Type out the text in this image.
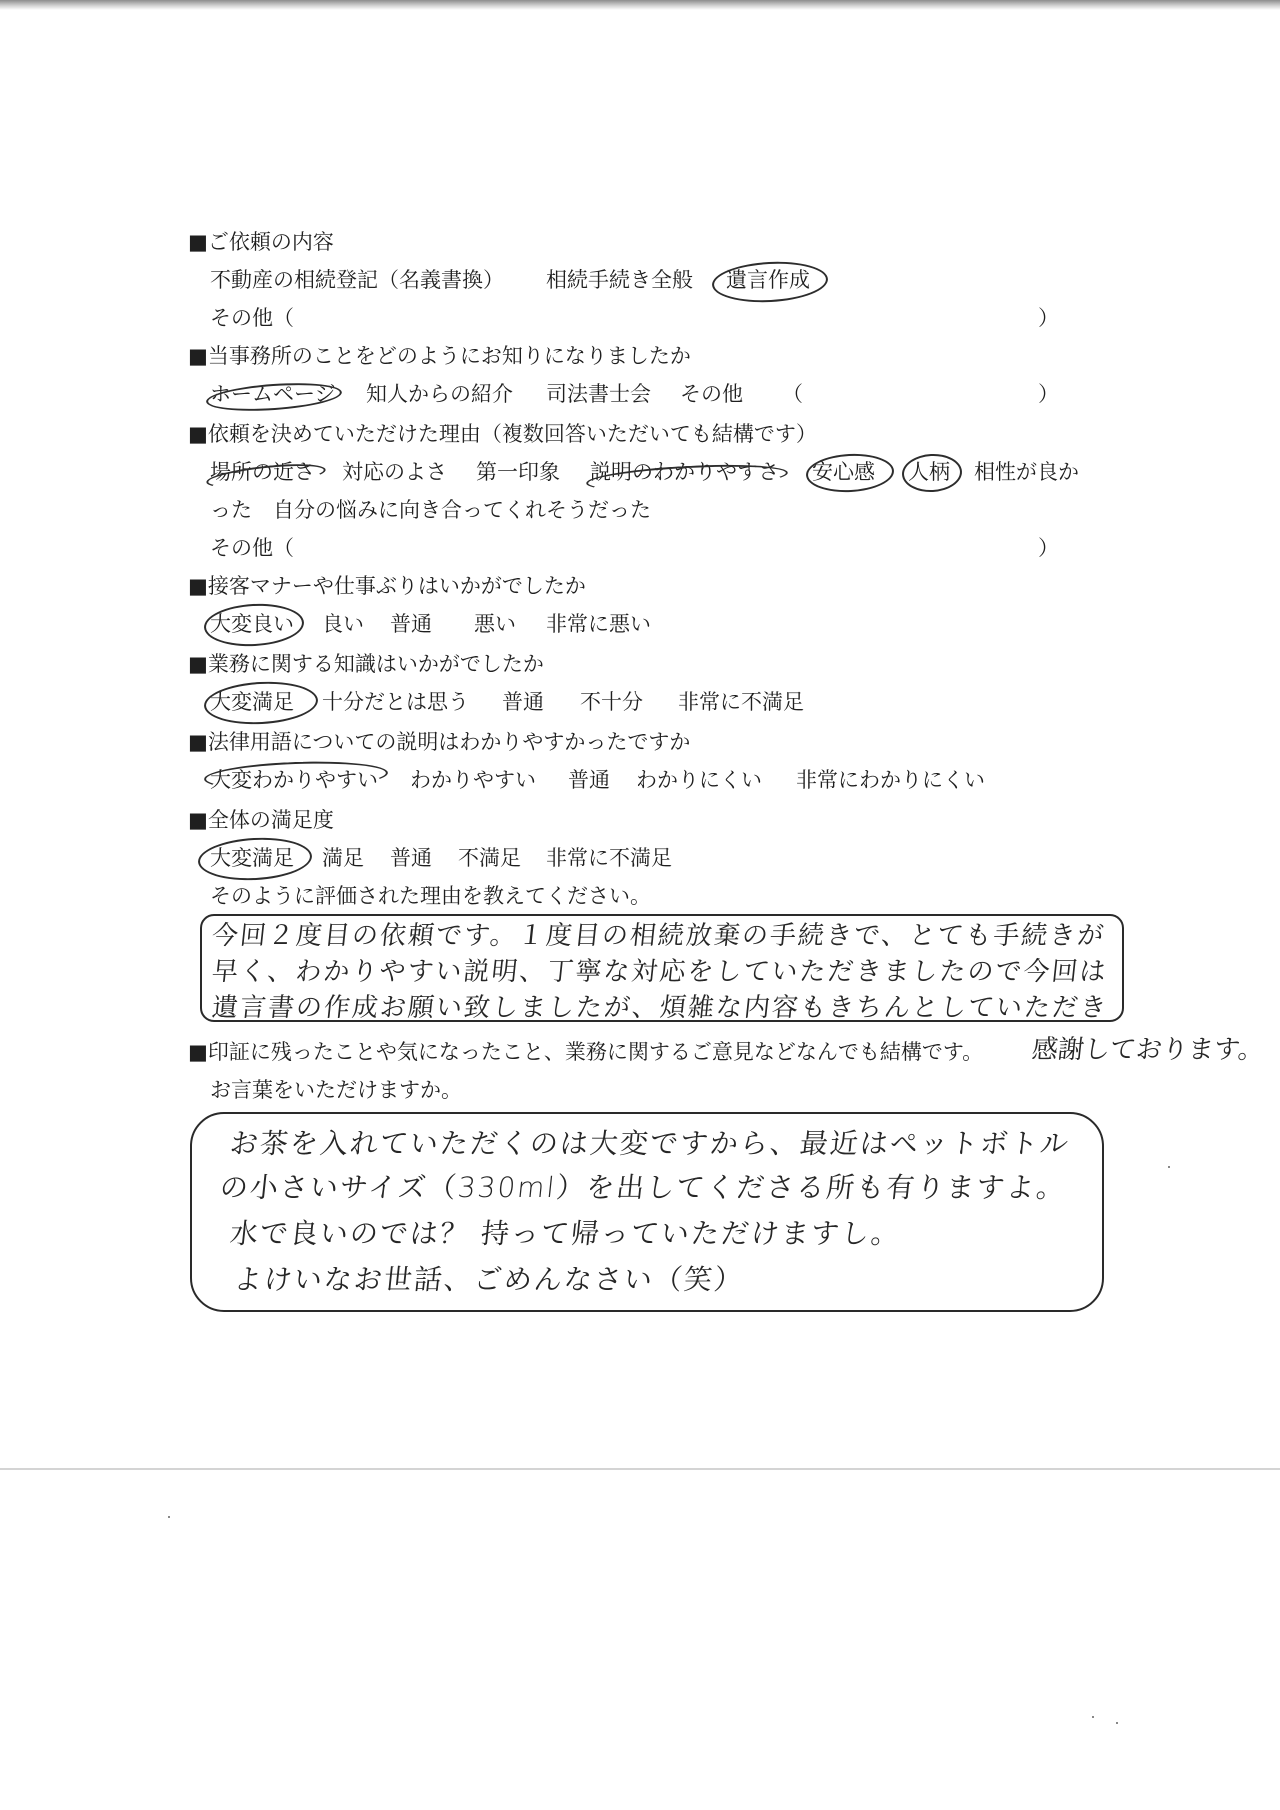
■ご依頼の内容
不動産の相続登記（名義書換） 相続手続き全般 遺言作成
その他（	）
■当事務所のことをどのようにお知りになりましたか
ホームページ 知人からの紹介 司法書士会 その他 （	）
■依頼を決めていただけた理由（複数回答いただいても結構です）
場所の近さ 対応のよさ 第一印象 説明のわかりやすさ 安心感 人柄 相性が良か
った　自分の悩みに向き合ってくれそうだった
その他（	）
■接客マナーや仕事ぶりはいかがでしたか
大変良い 良い 普通 悪い 非常に悪い
■業務に関する知識はいかがでしたか
大変満足 十分だとは思う 普通 不十分 非常に不満足
■法律用語についての説明はわかりやすかったですか
大変わかりやすい わかりやすい 普通 わかりにくい 非常にわかりにくい
■全体の満足度
大変満足 満足 普通 不満足 非常に不満足
そのように評価された理由を教えてください。
今回２度目の依頼です。１度目の相続放棄の手続きで、とても手続きが
早く、わかりやすい説明、丁寧な対応をしていただきましたので今回は
遺言書の作成お願い致しましたが、煩雑な内容もきちんとしていただき
感謝しております。
■印証に残ったことや気になったこと、業務に関するご意見などなんでも結構です。
お言葉をいただけますか。
お茶を入れていただくのは大変ですから、最近はペットボトル
の小さいサイズ（330ml）を出してくださる所も有りますよ。
水で良いのでは？ 持って帰っていただけますし。
よけいなお世話、ごめんなさい（笑）
